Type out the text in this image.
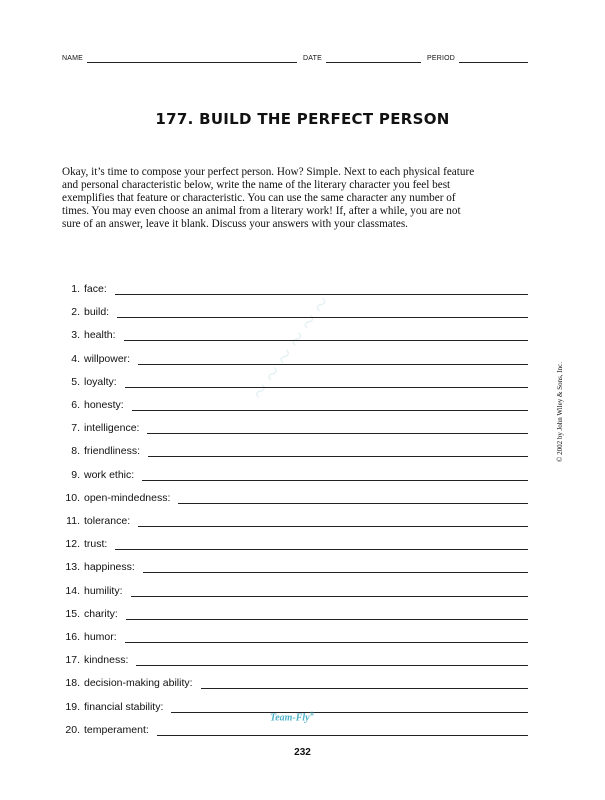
NAME	DATE	PERIOD
~~~~~~
177. BUILD THE PERFECT PERSON
Okay, it’s time to compose your perfect person. How? Simple. Next to each physical feature
and personal characteristic below, write the name of the literary character you feel best
exemplifies that feature or characteristic. You can use the same character any number of
times. You may even choose an animal from a literary work! If, after a while, you are not
sure of an answer, leave it blank. Discuss your answers with your classmates.
1. face:
2. build:
3. health:
4. willpower:
5. loyalty:
6. honesty:
7. intelligence:
8. friendliness:
9. work ethic:
10. open-mindedness:
11. tolerance:
12. trust:
13. happiness:
14. humility:
15. charity:
16. humor:
17. kindness:
18. decision-making ability:
19. financial stability:
20. temperament:
© 2002 by John Wiley & Sons, Inc.
Team-Fly®
232
